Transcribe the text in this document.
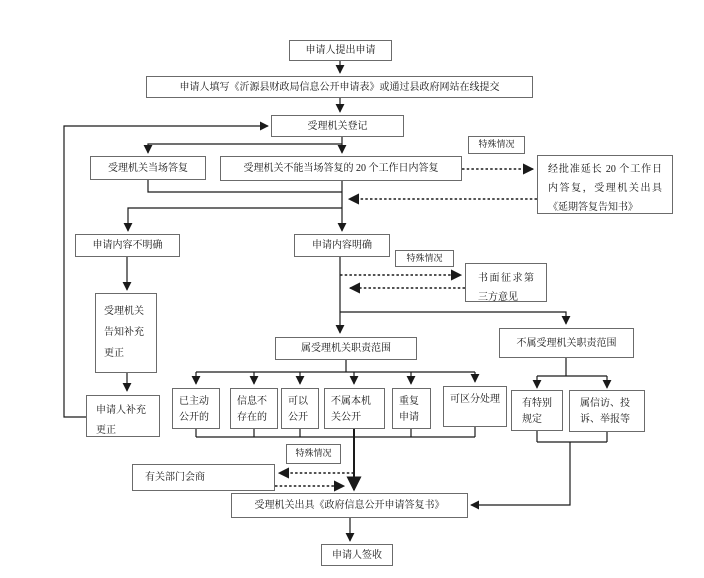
申请人提出申请
申请人填写《沂源县财政局信息公开申请表》或通过县政府网站在线提交
受理机关登记
受理机关当场答复	受理机关不能当场答复的 20 个工作日内答复
特殊情况
经批准延长 20 个工作日内答复，受理机关出具《延期答复告知书》
申请内容不明确	申请内容明确
特殊情况
书面征求第三方意见
受理机关告知补充更正
申请人补充更正
属受理机关职责范围	不属受理机关职责范围
已主动公开的
信息不存在的
可以公开
不属本机关公开
重复申请
可区分处理	有特别规定
属信访、投诉、举报等
特殊情况
有关部门会商
受理机关出具《政府信息公开申请答复书》
申请人签收
